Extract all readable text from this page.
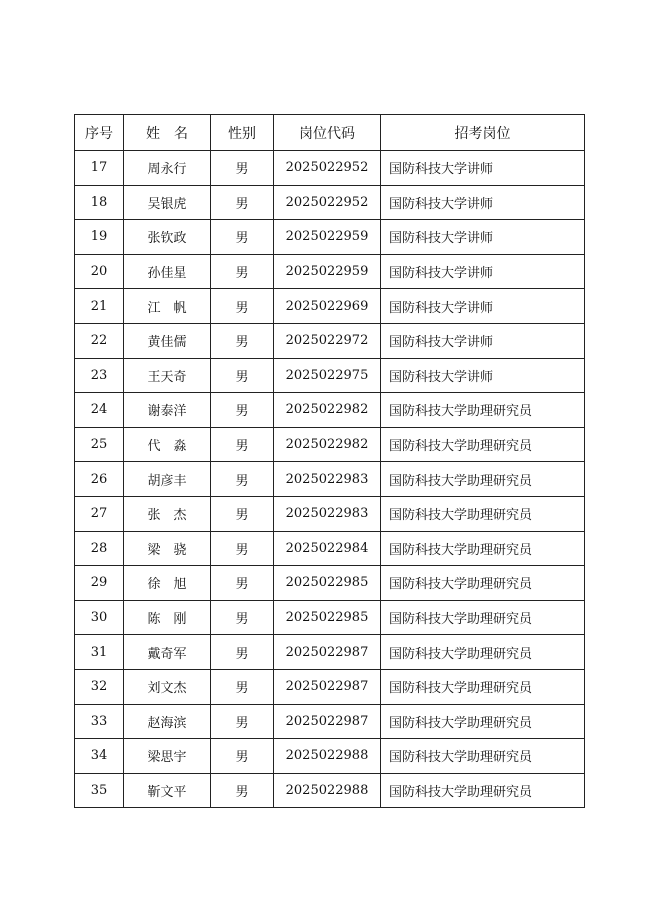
序号	姓　名	性别	岗位代码	招考岗位
17	周永行	男	2025022952	国防科技大学讲师
18	吴银虎	男	2025022952	国防科技大学讲师
19	张钦政	男	2025022959	国防科技大学讲师
20	孙佳星	男	2025022959	国防科技大学讲师
21	江　帆	男	2025022969	国防科技大学讲师
22	黄佳儒	男	2025022972	国防科技大学讲师
23	王天奇	男	2025022975	国防科技大学讲师
24	谢泰洋	男	2025022982	国防科技大学助理研究员
25	代　淼	男	2025022982	国防科技大学助理研究员
26	胡彦丰	男	2025022983	国防科技大学助理研究员
27	张　杰	男	2025022983	国防科技大学助理研究员
28	梁　骁	男	2025022984	国防科技大学助理研究员
29	徐　旭	男	2025022985	国防科技大学助理研究员
30	陈　刚	男	2025022985	国防科技大学助理研究员
31	戴奇军	男	2025022987	国防科技大学助理研究员
32	刘文杰	男	2025022987	国防科技大学助理研究员
33	赵海滨	男	2025022987	国防科技大学助理研究员
34	梁思宇	男	2025022988	国防科技大学助理研究员
35	靳文平	男	2025022988	国防科技大学助理研究员
